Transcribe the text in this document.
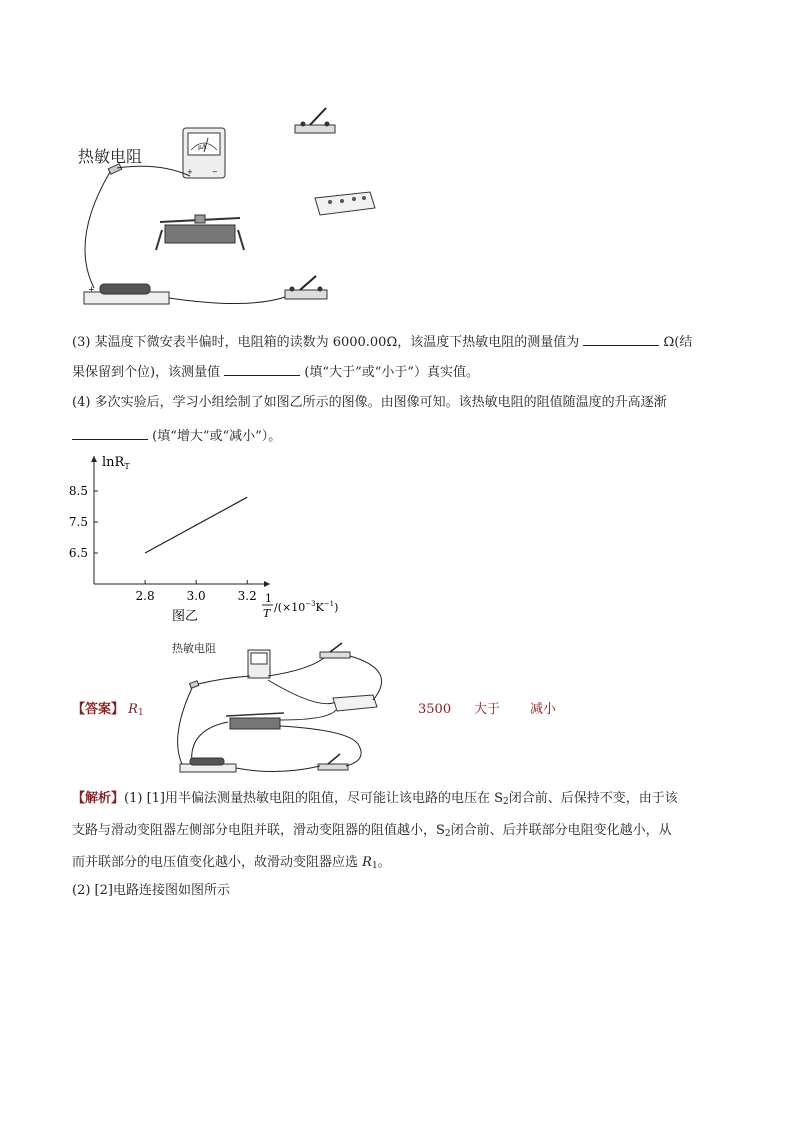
热敏电阻	μA
+	−
+
(3) 某温度下微安表半偏时，电阻箱的读数为 6000.00Ω，该温度下热敏电阻的测量值为	Ω(结
果保留到个位)，该测量值	(填“大于”或“小于”）真实值。
(4) 多次实验后，学习小组绘制了如图乙所示的图像。由图像可知。该热敏电阻的阻值随温度的升高逐渐
(填“增大”或“减小”）。
lnR$_T$
8.5
7.5
6.5
2.8	3.0	3.2
图乙
1
T $/(\times 10^{-3}K^{-1})$
【答案】 $R_1$	3500 大于 减小
热敏电阻
【解析】(1) [1]用半偏法测量热敏电阻的阻值，尽可能让该电路的电压在 $S_2$闭合前、后保持不变，由于该
支路与滑动变阻器左侧部分电阻并联，滑动变阻器的阻值越小，$S_2$闭合前、后并联部分电阻变化越小，从
而并联部分的电压值变化越小，故滑动变阻器应选 $R_1$。
(2) [2]电路连接图如图所示
